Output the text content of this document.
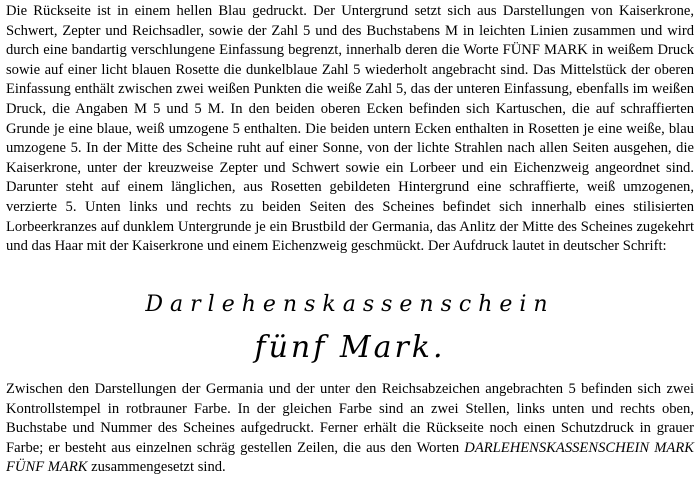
Die Rückseite ist in einem hellen Blau gedruckt. Der Untergrund setzt sich aus Darstellungen von Kaiserkrone, Schwert, Zepter und Reichsadler, sowie der Zahl 5 und des Buchstabens M in leichten Linien zusammen und wird durch eine bandartig verschlungene Einfassung begrenzt, innerhalb deren die Worte FÜNF MARK in weißem Druck sowie auf einer licht blauen Rosette die dunkelblaue Zahl 5 wiederholt angebracht sind. Das Mittelstück der oberen Einfassung enthält zwischen zwei weißen Punkten die weiße Zahl 5, das der unteren Einfassung, ebenfalls im weißen Druck, die Angaben M 5 und 5 M. In den beiden oberen Ecken befinden sich Kartuschen, die auf schraffierten Grunde je eine blaue, weiß umzogene 5 enthalten. Die beiden untern Ecken enthalten in Rosetten je eine weiße, blau umzogene 5. In der Mitte des Scheine ruht auf einer Sonne, von der lichte Strahlen nach allen Seiten ausgehen, die Kaiserkrone, unter der kreuzweise Zepter und Schwert sowie ein Lorbeer und ein Eichenzweig angeordnet sind. Darunter steht auf einem länglichen, aus Rosetten gebildeten Hintergrund eine schraffierte, weiß umzogenen, verzierte 5. Unten links und rechts zu beiden Seiten des Scheines befindet sich innerhalb eines stilisierten Lorbeerkranzes auf dunklem Untergrunde je ein Brustbild der Germania, das Anlitz der Mitte des Scheines zugekehrt und das Haar mit der Kaiserkrone und einem Eichenzweig geschmückt. Der Aufdruck lautet in deutscher Schrift:

Darlehenskassenschein
fünf Mark.

Zwischen den Darstellungen der Germania und der unter den Reichsabzeichen angebrachten 5 befinden sich zwei Kontrollstempel in rotbrauner Farbe. In der gleichen Farbe sind an zwei Stellen, links unten und rechts oben, Buchstabe und Nummer des Scheines aufgedruckt. Ferner erhält die Rückseite noch einen Schutzdruck in grauer Farbe; er besteht aus einzelnen schräg gestellen Zeilen, die aus den Worten DARLEHENSKASSENSCHEIN MARK FÜNF MARK zusammengesetzt sind.
